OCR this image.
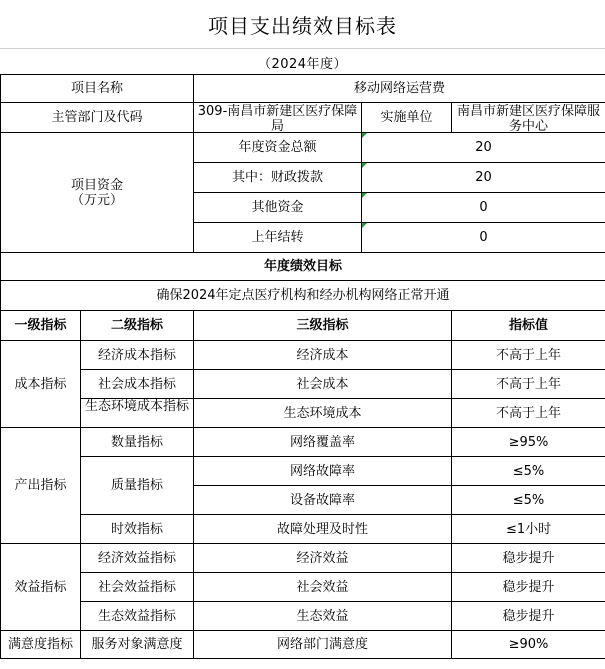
项目支出绩效目标表
（2024年度）
项目名称		移动网络运营费		
主管部门及代码		309-南昌市新建区医疗保障局	实施单位	南昌市新建区医疗保障服务中心

项目资金
（万元）		年度资金总额	20	
		其中：财政拨款	20	
		其他资金	0	
		上年结转	0	
年度绩效目标				
确保2024年定点医疗机构和经办机构网络正常开通				
一级指标	二级指标	三级指标		指标值
成本指标	经济成本指标	经济成本		不高于上年
	社会成本指标	社会成本		不高于上年

	生态环境成本指标	生态环境成本		不高于上年
产出指标	数量指标	网络覆盖率		≥95%
	质量指标	网络故障率		≤5%
		设备故障率		≤5%
	时效指标	故障处理及时性		≤1小时
效益指标	经济效益指标	经济效益		稳步提升
	社会效益指标	社会效益		稳步提升
	生态效益指标	生态效益		稳步提升
满意度指标	服务对象满意度	网络部门满意度		≥90%
